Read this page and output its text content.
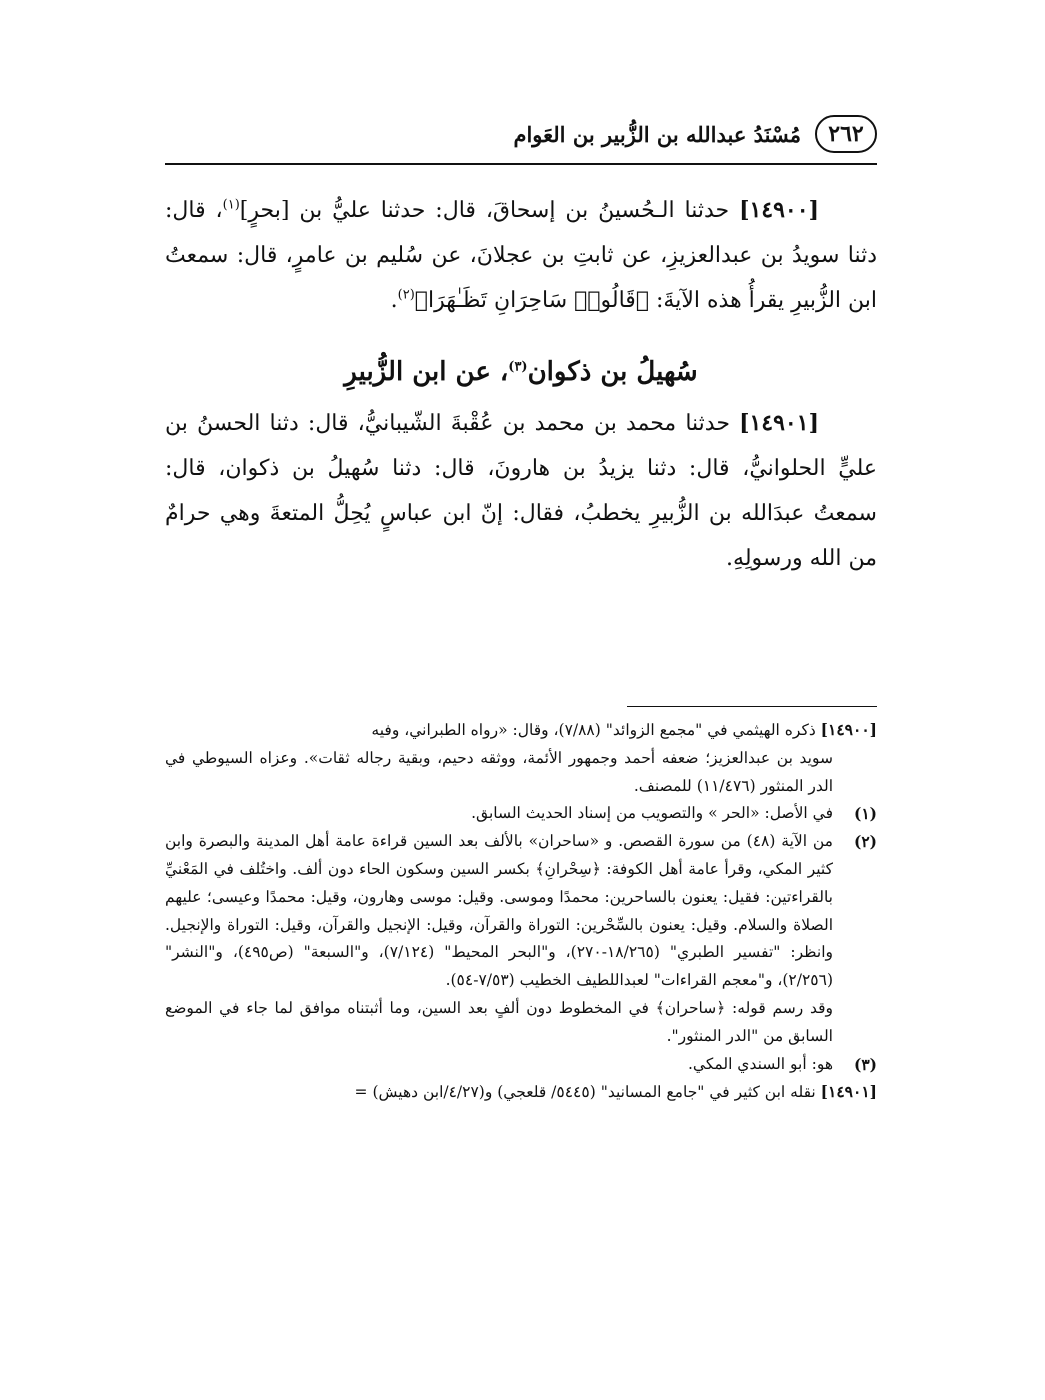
٢٦٢
مُسْنَدُ عبدالله بن الزُّبير بن العَوام

[١٤٩٠٠] حدثنا الـحُسينُ بن إسحاقَ، قال: حدثنا عليُّ بن [بحرٍ]$^{(١)}$، قال: دثنا سويدُ بن عبدالعزيزِ، عن ثابتِ بن عجلانَ، عن سُليم بن عامرٍ، قال: سمعتُ ابن الزُّبيرِ يقرأُ هذه الآيةَ: ﴿قَالُوا۟ سَاحِرَانِ تَظَـٰهَرَا﴾$^{(٢)}$.

سُهيلُ بن ذكوان$^{(٣)}$، عن ابن الزُّبيرِ

[١٤٩٠١] حدثنا محمد بن محمد بن عُقْبةَ الشّيبانيُّ، قال: دثنا الحسنُ بن عليٍّ الحلوانيُّ، قال: دثنا يزيدُ بن هارونَ، قال: دثنا سُهيلُ بن ذكوان، قال: سمعتُ عبدَالله بن الزُّبيرِ يخطبُ، فقال: إنّ ابن عباسٍ يُحِلُّ المتعةَ وهي حرامٌ من الله ورسولِهِ.

[١٤٩٠٠] ذكره الهيثمي في "مجمع الزوائد" (٧/٨٨)، وقال: «رواه الطبراني، وفيه

سويد بن عبدالعزيز؛ ضعفه أحمد وجمهور الأئمة، ووثقه دحيم، وبقية رجاله ثقات». وعزاه السيوطي في الدر المنثور (١١/٤٧٦) للمصنف.

(١)
في الأصل: «الحر » والتصويب من إسناد الحديث السابق.

(٢)
من الآية (٤٨) من سورة القصص. و «ساحران» بالألف بعد السين قراءة عامة أهل المدينة والبصرة وابن كثير المكي، وقرأ عامة أهل الكوفة: ﴿سِحْرانِ﴾ بكسر السين وسكون الحاء دون ألف. واختُلف في المَعْنيِّ بالقراءتين: فقيل: يعنون بالساحرين: محمدًا وموسى. وقيل: موسى وهارون، وقيل: محمدًا وعيسى؛ عليهم الصلاة والسلام. وقيل: يعنون بالسِّحْرين: التوراة والقرآن، وقيل: الإنجيل والقرآن، وقيل: التوراة والإنجيل. وانظر: "تفسير الطبري" (١٨/٢٦٥-٢٧٠)، و"البحر المحيط" (٧/١٢٤)، و"السبعة" (ص٤٩٥)، و"النشر" (٢/٢٥٦)، و"معجم القراءات" لعبداللطيف الخطيب (٧/٥٣-٥٤).

وقد رسم قوله: ﴿ساحران﴾ في المخطوط دون ألفٍ بعد السين، وما أثبتناه موافق لما جاء في الموضع السابق من "الدر المنثور".

(٣)
هو: أبو السندي المكي.

[١٤٩٠١] نقله ابن كثير في "جامع المسانيد" (٥٤٤٥/ قلعجي) و(٤/٢٧/ابن دهيش) =
